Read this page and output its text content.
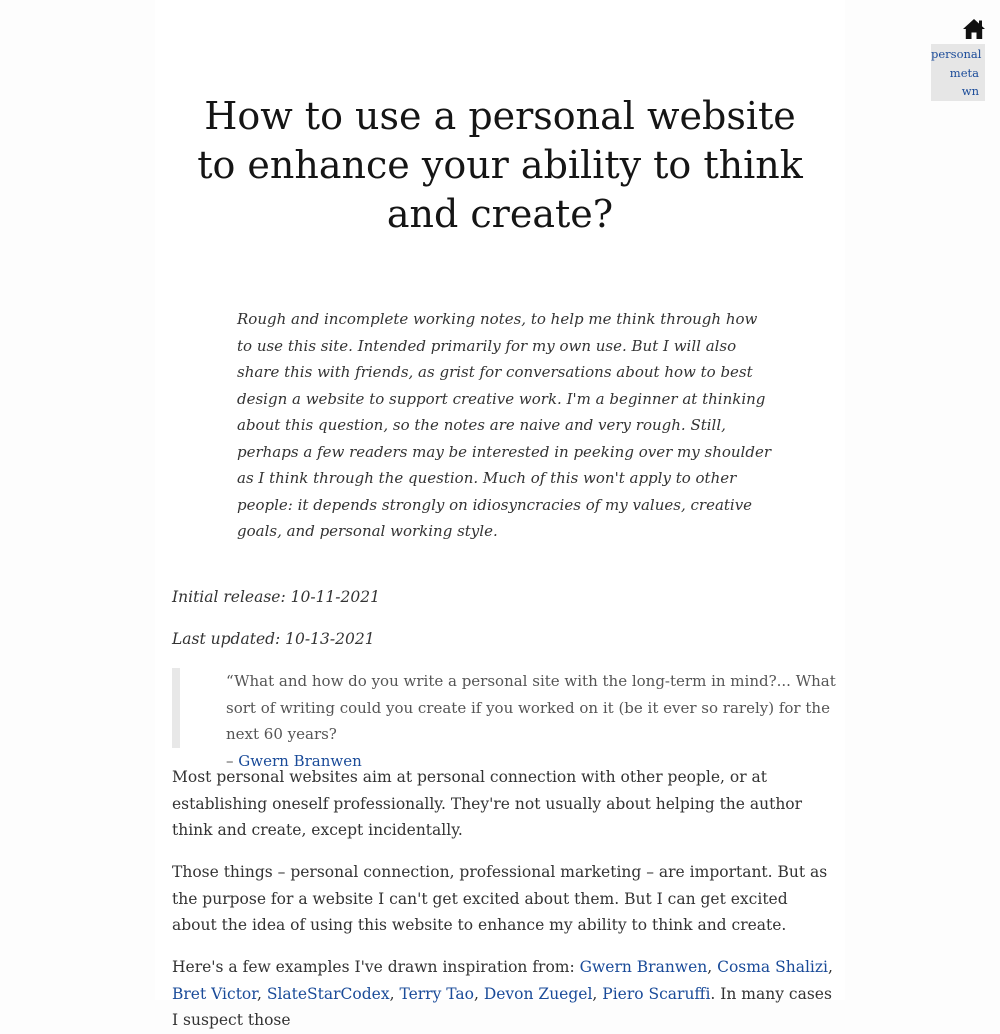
personal
meta
wn
How to use a personal website to enhance your ability to think and create?

Rough and incomplete working notes, to help me think through how to use this site. Intended primarily for my own use. But I will also share this with friends, as grist for conversations about how to best design a website to support creative work. I'm a beginner at thinking about this question, so the notes are naive and very rough. Still, perhaps a few readers may be interested in peeking over my shoulder as I think through the question. Much of this won't apply to other people: it depends strongly on idiosyncracies of my values, creative goals, and personal working style.

Initial release: 10-11-2021

Last updated: 10-13-2021

“What and how do you write a personal site with the long-term in mind?... What sort of writing could you create if you worked on it (be it ever so rarely) for the next 60 years?
– Gwern Branwen

Most personal websites aim at personal connection with other people, or at establishing oneself professionally. They're not usually about helping the author think and create, except incidentally.

Those things – personal connection, professional marketing – are important. But as the purpose for a website I can't get excited about them. But I can get excited about the idea of using this website to enhance my ability to think and create.

Here's a few examples I've drawn inspiration from: Gwern Branwen, Cosma Shalizi, Bret Victor, SlateStarCodex, Terry Tao, Devon Zuegel, Piero Scaruffi. In many cases I suspect those
